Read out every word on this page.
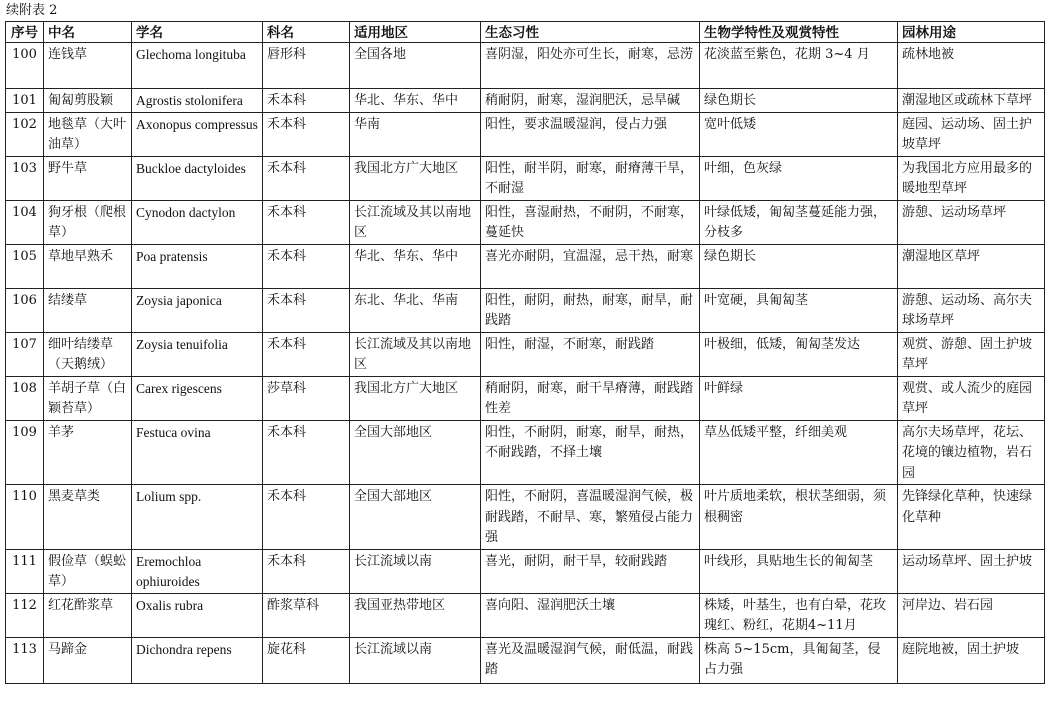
续附表 2
序号	中名	学名	科名	适用地区	生态习性	生物学特性及观赏特性	园林用途
100	连钱草	Glechoma longituba	唇形科	全国各地	喜阴湿，阳处亦可生长，耐寒，忌涝	花淡蓝至紫色，花期 3~4 月	疏林地被
101	匍匐剪股颖	Agrostis stolonifera	禾本科	华北、华东、华中	稍耐阴，耐寒，湿润肥沃，忌旱碱	绿色期长	潮湿地区或疏林下草坪
102	地毯草（大叶油草）	Axonopus compressus	禾本科	华南	阳性，要求温暖湿润，侵占力强	宽叶低矮	庭园、运动场、固土护坡草坪
103	野牛草	Buckloe dactyloides	禾本科	我国北方广大地区	阳性，耐半阴，耐寒，耐瘠薄干旱，不耐湿	叶细，色灰绿	为我国北方应用最多的暖地型草坪
104	狗牙根（爬根草）	Cynodon dactylon	禾本科	长江流域及其以南地区	阳性，喜湿耐热，不耐阴，不耐寒，蔓延快	叶绿低矮，匍匐茎蔓延能力强，分枝多	游憩、运动场草坪
105	草地早熟禾	Poa pratensis	禾本科	华北、华东、华中	喜光亦耐阴，宜温湿，忌干热，耐寒	绿色期长	潮湿地区草坪
106	结缕草	Zoysia japonica	禾本科	东北、华北、华南	阳性，耐阴，耐热，耐寒，耐旱，耐践踏	叶宽硬，具匍匐茎	游憩、运动场、高尔夫球场草坪
107	细叶结缕草（天鹅绒）	Zoysia tenuifolia	禾本科	长江流域及其以南地区	阳性，耐湿，不耐寒，耐践踏	叶极细，低矮，匍匐茎发达	观赏、游憩、固土护坡草坪
108	羊胡子草（白颖苔草）	Carex rigescens	莎草科	我国北方广大地区	稍耐阴，耐寒，耐干旱瘠薄，耐践踏性差	叶鲜绿	观赏、或人流少的庭园草坪
109	羊茅	Festuca ovina	禾本科	全国大部地区	阳性，不耐阴，耐寒，耐旱，耐热，不耐践踏，不择土壤	草丛低矮平整，纤细美观	高尔夫场草坪，花坛、花境的镶边植物，岩石园
110	黑麦草类	Lolium spp.	禾本科	全国大部地区	阳性，不耐阴，喜温暖湿润气候，极耐践踏，不耐旱、寒，繁殖侵占能力强	叶片质地柔软，根状茎细弱，须根稠密	先锋绿化草种，快速绿化草种
111	假俭草（蜈蚣草）	Eremochloa ophiuroides	禾本科	长江流域以南	喜光，耐阴，耐干旱，较耐践踏	叶线形，具贴地生长的匍匐茎	运动场草坪、固土护坡
112	红花酢浆草	Oxalis rubra	酢浆草科	我国亚热带地区	喜向阳、湿润肥沃土壤	株矮，叶基生，也有白晕，花玫瑰红、粉红，花期4~11月	河岸边、岩石园
113	马蹄金	Dichondra repens	旋花科	长江流域以南	喜光及温暖湿润气候，耐低温，耐践踏	株高 5~15cm，具匍匐茎，侵占力强	庭院地被，固土护坡
